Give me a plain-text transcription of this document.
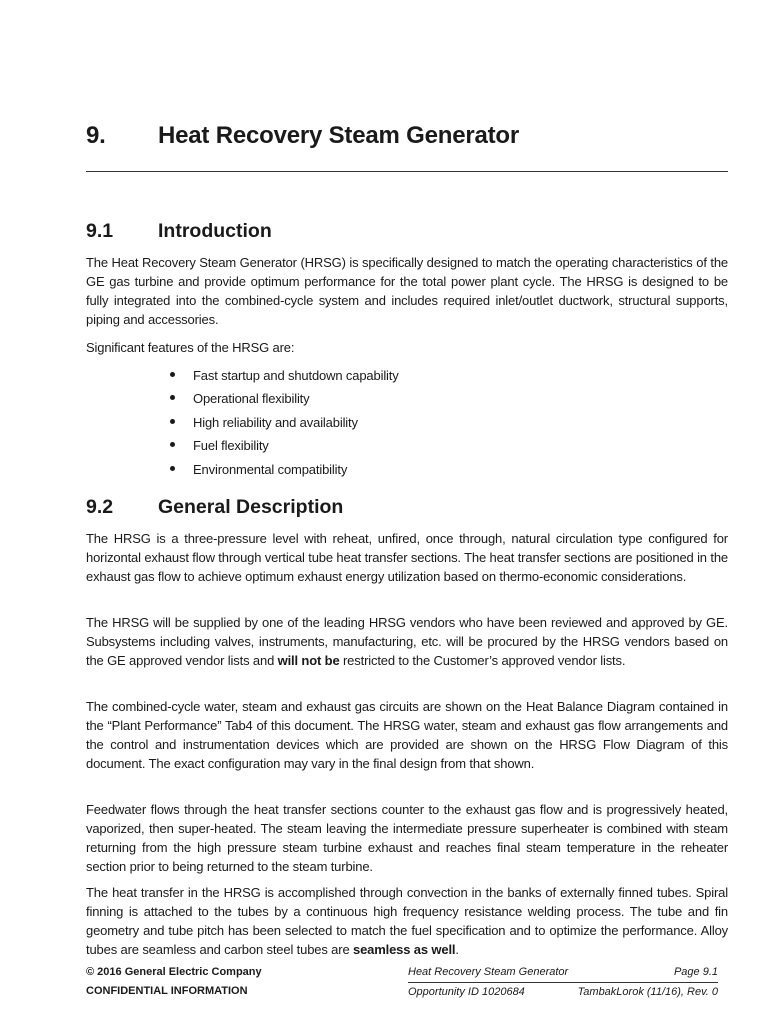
9. Heat Recovery Steam Generator
9.1 Introduction

The Heat Recovery Steam Generator (HRSG) is specifically designed to match the operating characteristics of the GE gas turbine and provide optimum performance for the total power plant cycle. The HRSG is designed to be fully integrated into the combined-cycle system and includes required inlet/outlet ductwork, structural supports, piping and accessories.

Significant features of the HRSG are:

Fast startup and shutdown capability
Operational flexibility
High reliability and availability
Fuel flexibility
Environmental compatibility
9.2 General Description

The HRSG is a three-pressure level with reheat, unfired, once through, natural circulation type configured for horizontal exhaust flow through vertical tube heat transfer sections. The heat transfer sections are positioned in the exhaust gas flow to achieve optimum exhaust energy utilization based on thermo-economic considerations.

The HRSG will be supplied by one of the leading HRSG vendors who have been reviewed and approved by GE. Subsystems including valves, instruments, manufacturing, etc. will be procured by the HRSG vendors based on the GE approved vendor lists and will not be restricted to the Customer’s approved vendor lists.

The combined-cycle water, steam and exhaust gas circuits are shown on the Heat Balance Diagram contained in the “Plant Performance” Tab4 of this document. The HRSG water, steam and exhaust gas flow arrangements and the control and instrumentation devices which are provided are shown on the HRSG Flow Diagram of this document. The exact configuration may vary in the final design from that shown.

Feedwater flows through the heat transfer sections counter to the exhaust gas flow and is progressively heated, vaporized, then super-heated. The steam leaving the intermediate pressure superheater is combined with steam returning from the high pressure steam turbine exhaust and reaches final steam temperature in the reheater section prior to being returned to the steam turbine.

The heat transfer in the HRSG is accomplished through convection in the banks of externally finned tubes. Spiral finning is attached to the tubes by a continuous high frequency resistance welding process. The tube and fin geometry and tube pitch has been selected to match the fuel specification and to optimize the performance. Alloy tubes are seamless and carbon steel tubes are seamless as well.

© 2016 General Electric Company
CONFIDENTIAL INFORMATION
Heat Recovery Steam Generator	Page 9.1
Opportunity ID 1020684	TambakLorok (11/16), Rev. 0
